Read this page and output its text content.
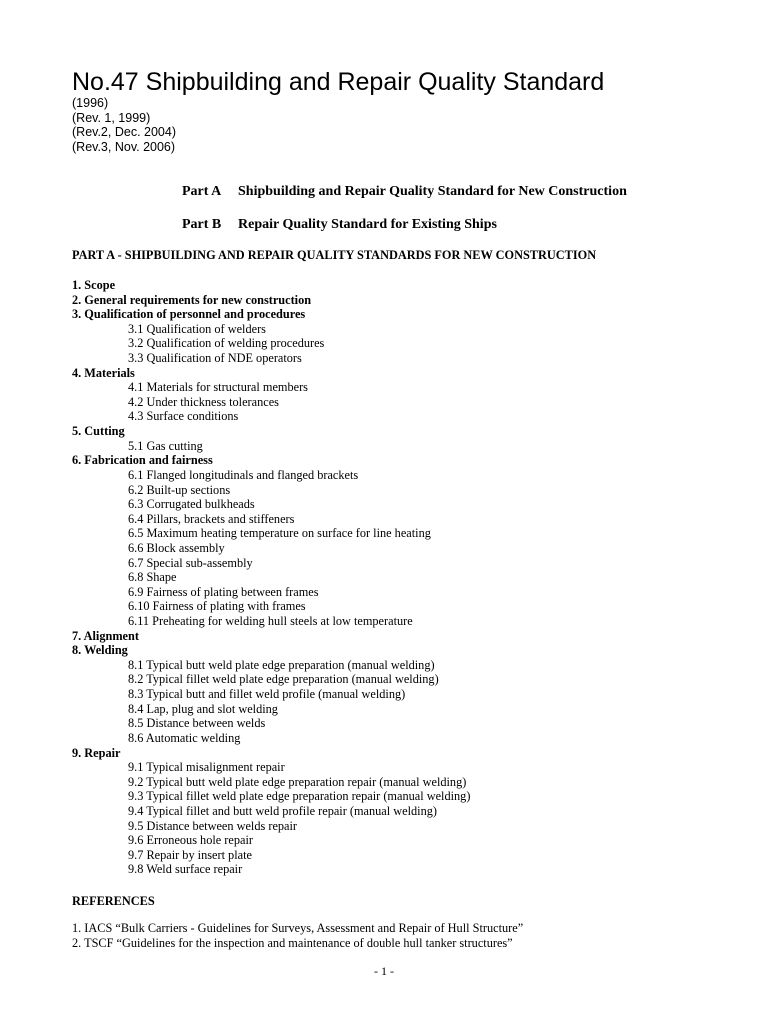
No.47 Shipbuilding and Repair Quality Standard
(1996)
(Rev. 1, 1999)
(Rev.2, Dec. 2004)
(Rev.3, Nov. 2006)
Part A Shipbuilding and Repair Quality Standard for New Construction
Part B Repair Quality Standard for Existing Ships
PART A - SHIPBUILDING AND REPAIR QUALITY STANDARDS FOR NEW CONSTRUCTION
1. Scope
2. General requirements for new construction
3. Qualification of personnel and procedures
3.1 Qualification of welders
3.2 Qualification of welding procedures
3.3 Qualification of NDE operators
4. Materials
4.1 Materials for structural members
4.2 Under thickness tolerances
4.3 Surface conditions
5. Cutting
5.1 Gas cutting
6. Fabrication and fairness
6.1 Flanged longitudinals and flanged brackets
6.2 Built-up sections
6.3 Corrugated bulkheads
6.4 Pillars, brackets and stiffeners
6.5 Maximum heating temperature on surface for line heating
6.6 Block assembly
6.7 Special sub-assembly
6.8 Shape
6.9 Fairness of plating between frames
6.10 Fairness of plating with frames
6.11 Preheating for welding hull steels at low temperature
7. Alignment
8. Welding
8.1 Typical butt weld plate edge preparation (manual welding)
8.2 Typical fillet weld plate edge preparation (manual welding)
8.3 Typical butt and fillet weld profile (manual welding)
8.4 Lap, plug and slot welding
8.5 Distance between welds
8.6 Automatic welding
9. Repair
9.1 Typical misalignment repair
9.2 Typical butt weld plate edge preparation repair (manual welding)
9.3 Typical fillet weld plate edge preparation repair (manual welding)
9.4 Typical fillet and butt weld profile repair (manual welding)
9.5 Distance between welds repair
9.6 Erroneous hole repair
9.7 Repair by insert plate
9.8 Weld surface repair
REFERENCES
1. IACS “Bulk Carriers - Guidelines for Surveys, Assessment and Repair of Hull Structure”
2. TSCF “Guidelines for the inspection and maintenance of double hull tanker structures”
- 1 -
